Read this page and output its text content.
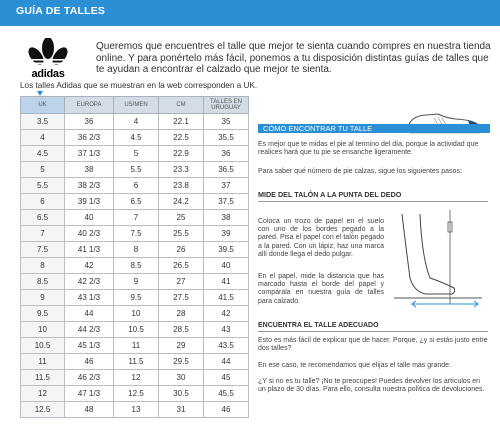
GUÍA DE TALLES
adidas

Queremos que encuentres el talle que mejor te sienta cuando compres en nuestra tienda online. Y para ponértelo más fácil, ponemos a tu disposición distintas guías de talles que te ayudan a encontrar el calzado que mejor te sienta.

Los talles Adidas que se muestran en la web corresponden a UK.
UK	EUROPA	US/MEN	CM	TALLES EN URUGUAY
3.5	36	4	22.1	35
4	36 2/3	4.5	22.5	35.5
4.5	37 1/3	5	22.9	36
5	38	5.5	23.3	36.5
5.5	38 2/3	6	23.8	37
6	39 1/3	6.5	24.2	37.5
6.5	40	7	25	38
7	40 2/3	7.5	25.5	39
7.5	41 1/3	8	26	39.5
8	42	8.5	26.5	40
8.5	42 2/3	9	27	41
9	43 1/3	9.5	27.5	41.5
9.5	44	10	28	42
10	44 2/3	10.5	28.5	43
10.5	45 1/3	11	29	43.5
11	46	11.5	29.5	44
11.5	46 2/3	12	30	45
12	47 1/3	12.5	30.5	45.5
12.5	48	13	31	46
CÓMO ENCONTRAR TU TALLE

Es mejor que te midas el pie al termino del día, porque la actividad que realices hará que tu pie se ensanche ligeramente.

Para saber qué número de pie calzas, sigue los siguientes pasos:

MIDE DEL TALÓN A LA PUNTA DEL DEDO

Coloca un trozo de papel en el suelo con uno de los bordes pegado a la pared. Pisa el papel con el talón pegado a la pared. Con un lápiz, haz una marca allí donde llega el dedo pulgar.

En el papel, mide la distancia que has marcado hasta el borde del papel y compárala en nuestra guía de talles para calzado.

ENCUENTRA EL TALLE ADECUADO

Esto es más fácil de explicar que de hacer. Porque, ¿y si estás justo entre dos talles?

En ese caso, te recomendamos que elijas el talle más grande.

¿Y si no es tu talle? ¡No te preocupes! Puedes devolver los artículos en un plazo de 30 días. Para ello, consulta nuestra política de devoluciones.
